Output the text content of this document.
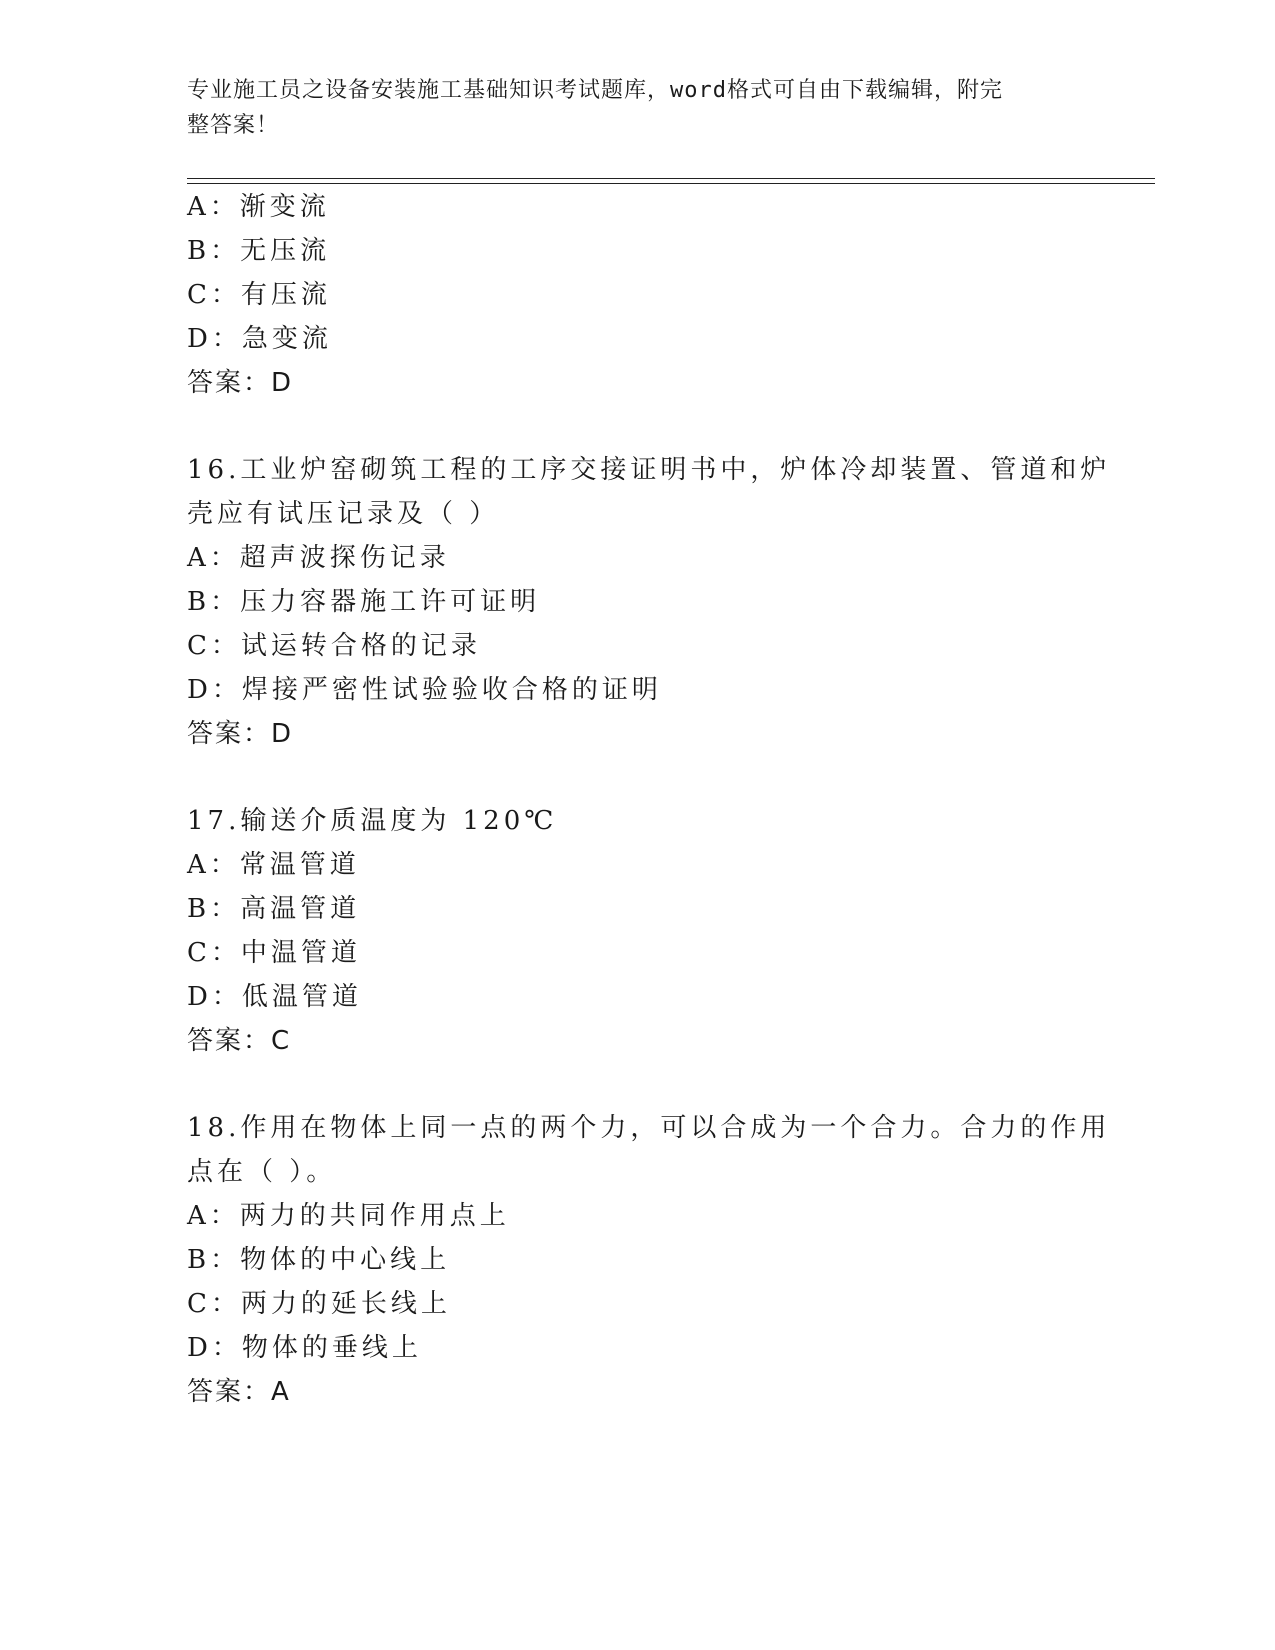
专业施工员之设备安装施工基础知识考试题库，word格式可自由下载编辑，附完
整答案！
A：渐变流
B：无压流
C：有压流
D：急变流
答案：D
16.工业炉窑砌筑工程的工序交接证明书中，炉体冷却装置、管道和炉
壳应有试压记录及（ ）
A：超声波探伤记录
B：压力容器施工许可证明
C：试运转合格的记录
D：焊接严密性试验验收合格的证明
答案：D
17.输送介质温度为 120℃
A：常温管道
B：高温管道
C：中温管道
D：低温管道
答案：C
18.作用在物体上同一点的两个力，可以合成为一个合力。合力的作用
点在（ ）。
A：两力的共同作用点上
B：物体的中心线上
C：两力的延长线上
D：物体的垂线上
答案：A
